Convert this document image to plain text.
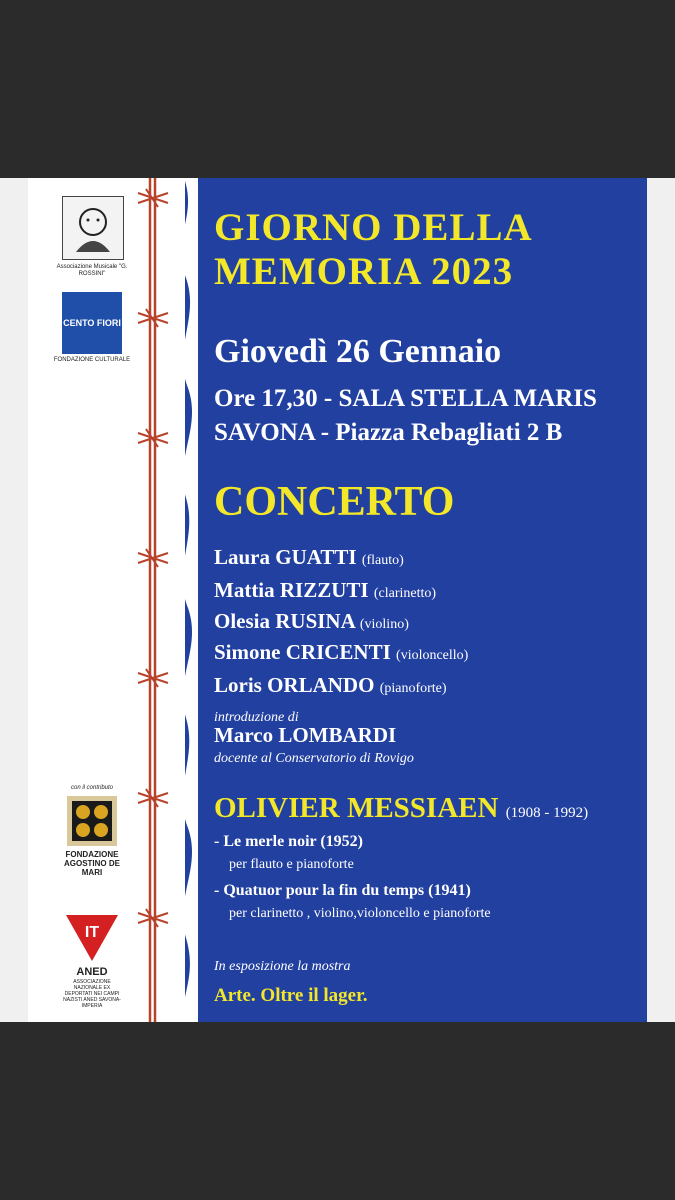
Associazione Musicale "G. ROSSINI"
CENTO FIORI
FONDAZIONE CULTURALE
con il contributo
FONDAZIONE AGOSTINO DE MARI
IT
ANED
ASSOCIAZIONE NAZIONALE EX DEPORTATI NEI CAMPI NAZISTI ANED SAVONA-IMPERIA
GIORNO DELLA
MEMORIA 2023
Giovedì 26 Gennaio
Ore 17,30 - SALA STELLA MARIS
SAVONA - Piazza Rebagliati 2 B
CONCERTO
Laura GUATTI (flauto)
Mattia RIZZUTI (clarinetto)
Olesia RUSINA (violino)
Simone CRICENTI (violoncello)
Loris ORLANDO (pianoforte)
introduzione di
Marco LOMBARDI
docente al Conservatorio di Rovigo
OLIVIER MESSIAEN (1908 - 1992)
- Le merle noir (1952)
per flauto e pianoforte
- Quatuor pour la fin du temps (1941)
per clarinetto , violino,violoncello e pianoforte
In esposizione la mostra
Arte. Oltre il lager.
